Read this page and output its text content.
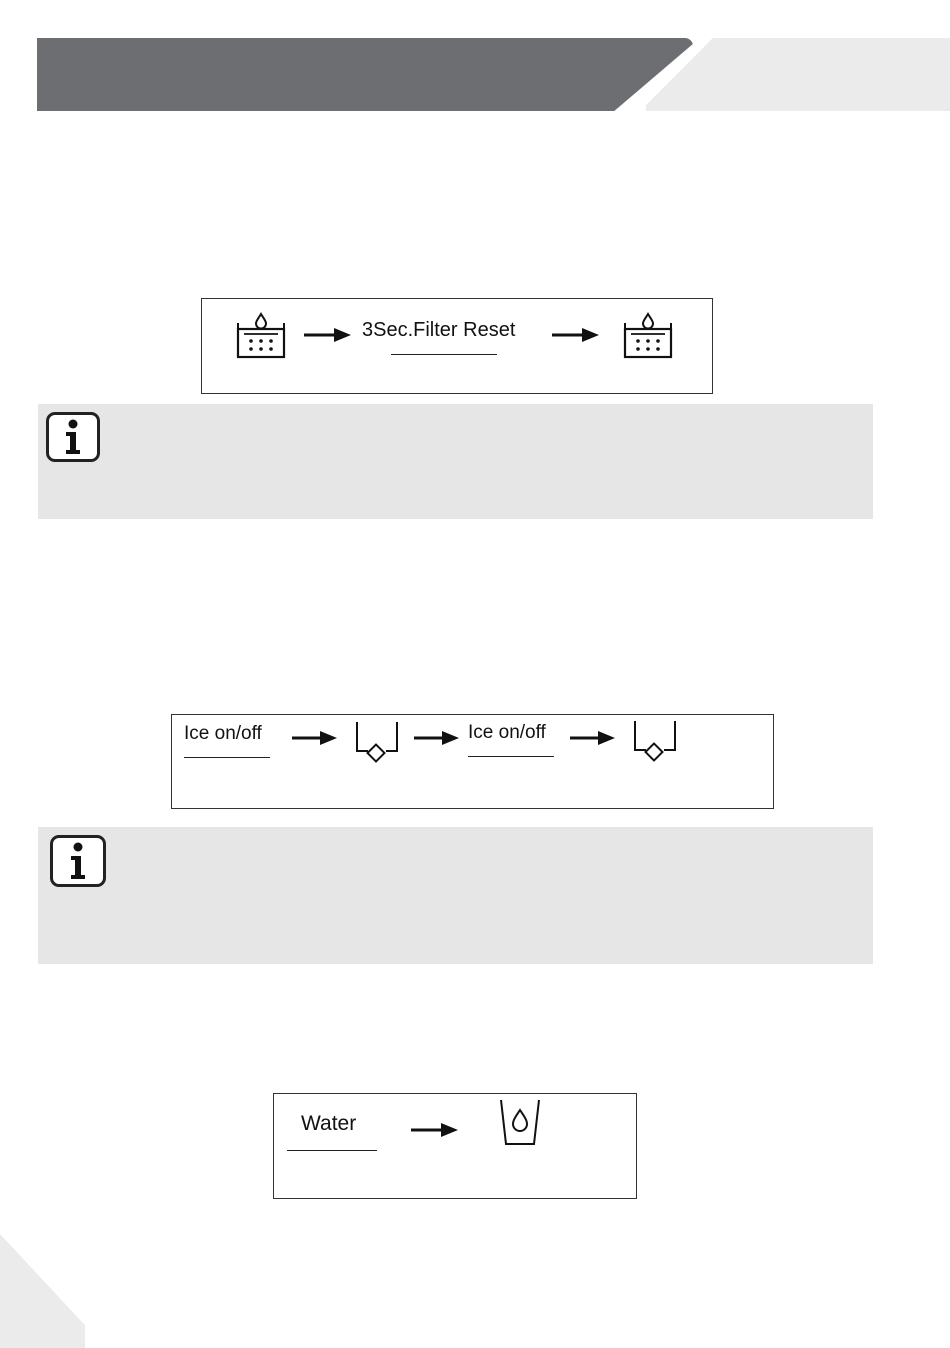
3Sec.Filter Reset
Ice on/off	Ice on/off
Water
